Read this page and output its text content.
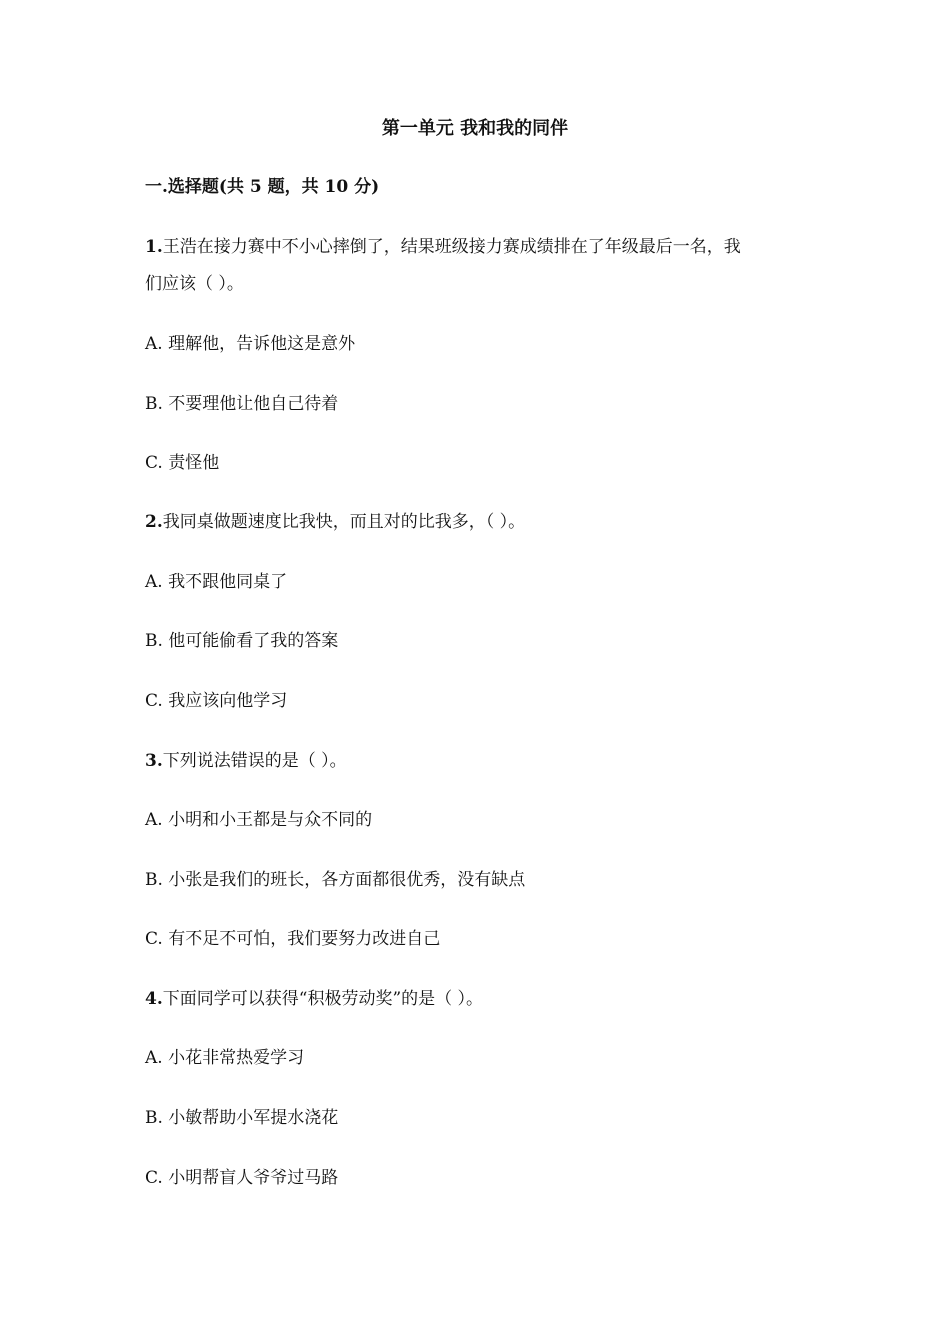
第一单元 我和我的同伴
一.选择题(共 5 题，共 10 分)
1.王浩在接力赛中不小心摔倒了，结果班级接力赛成绩排在了年级最后一名，我
们应该（ ）。
A. 理解他，告诉他这是意外
B. 不要理他让他自己待着
C. 责怪他
2.我同桌做题速度比我快，而且对的比我多，（ ）。
A. 我不跟他同桌了
B. 他可能偷看了我的答案
C. 我应该向他学习
3.下列说法错误的是（ ）。
A. 小明和小王都是与众不同的
B. 小张是我们的班长，各方面都很优秀，没有缺点
C. 有不足不可怕，我们要努力改进自己
4.下面同学可以获得“积极劳动奖”的是（ ）。
A. 小花非常热爱学习
B. 小敏帮助小军提水浇花
C. 小明帮盲人爷爷过马路
